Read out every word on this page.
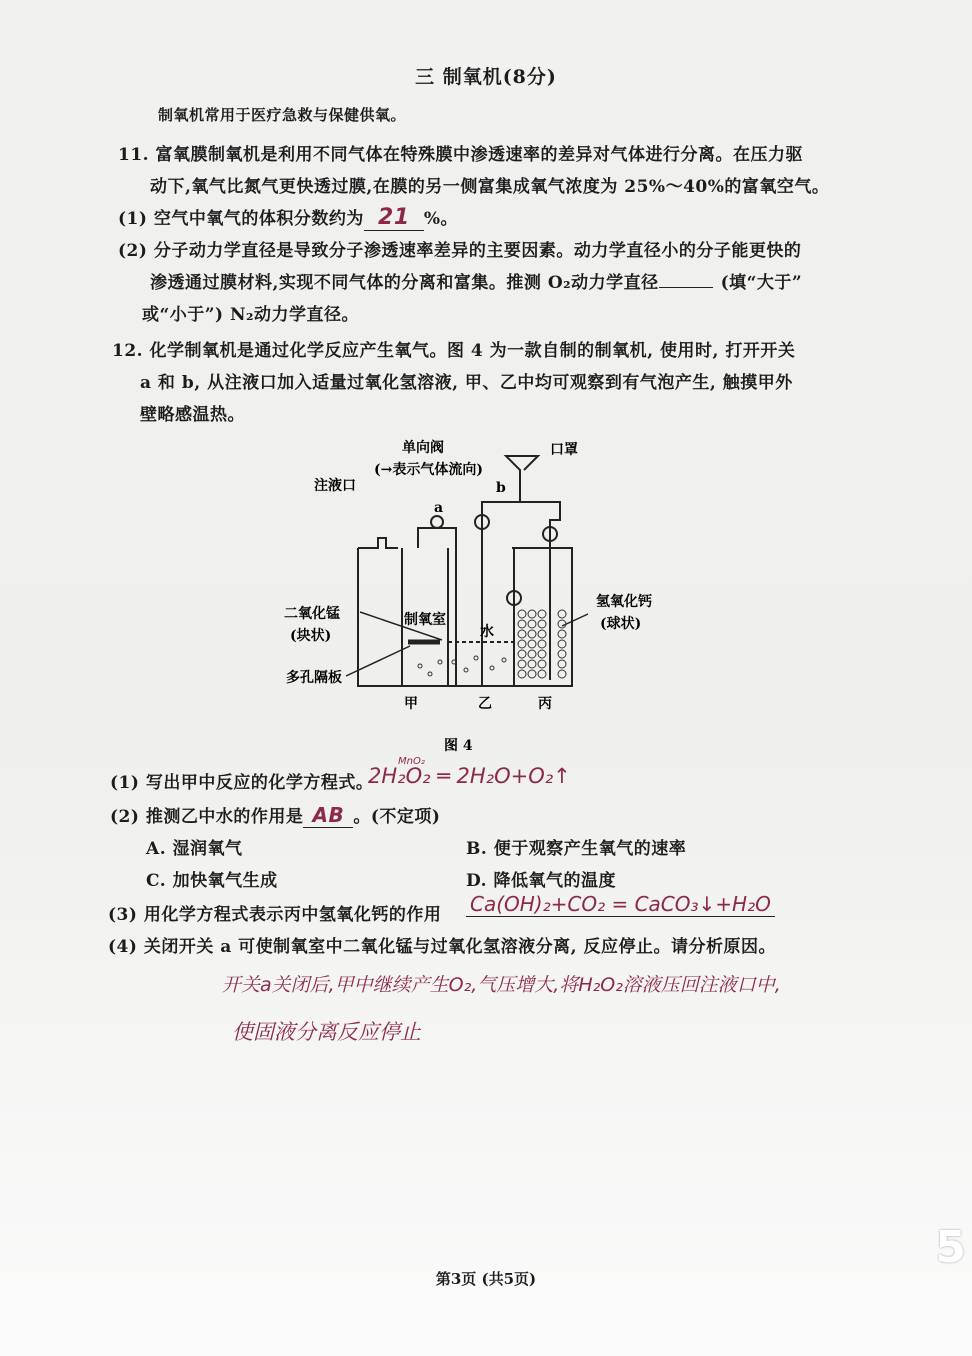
三 制氧机(8分)
制氧机常用于医疗急救与保健供氧。
11. 富氧膜制氧机是利用不同气体在特殊膜中渗透速率的差异对气体进行分离。在压力驱
动下,氧气比氮气更快透过膜,在膜的另一侧富集成氧气浓度为 25%～40%的富氧空气。
(1) 空气中氧气的体积分数约为 21 %。
(2) 分子动力学直径是导致分子渗透速率差异的主要因素。动力学直径小的分子能更快的
渗透通过膜材料,实现不同气体的分离和富集。推测 O₂动力学直径	(填“大于”
或“小于”) N₂动力学直径。
12. 化学制氧机是通过化学反应产生氧气。图 4 为一款自制的制氧机, 使用时, 打开开关
a 和 b, 从注液口加入适量过氧化氢溶液, 甲、乙中均可观察到有气泡产生, 触摸甲外
壁略感温热。
单向阀
(→表示气体流向)
口罩
注液口
a
b
二氧化锰
(块状)
制氧室
水
多孔隔板
氢氧化钙
(球状)
甲	乙	丙
图 4
(1) 写出甲中反应的化学方程式。
MnO₂
2H₂O₂ ═ 2H₂O+O₂↑
(2) 推测乙中水的作用是 AB 。(不定项)
A. 湿润氧气	B. 便于观察产生氧气的速率
C. 加快氧气生成	D. 降低氧气的温度
(3) 用化学方程式表示丙中氢氧化钙的作用 Ca(OH)₂+CO₂ = CaCO₃↓+H₂O
(4) 关闭开关 a 可使制氧室中二氧化锰与过氧化氢溶液分离, 反应停止。请分析原因。
开关a关闭后,甲中继续产生O₂,气压增大,将H₂O₂溶液压回注液口中,
使固液分离反应停止
5
第3页 (共5页)
